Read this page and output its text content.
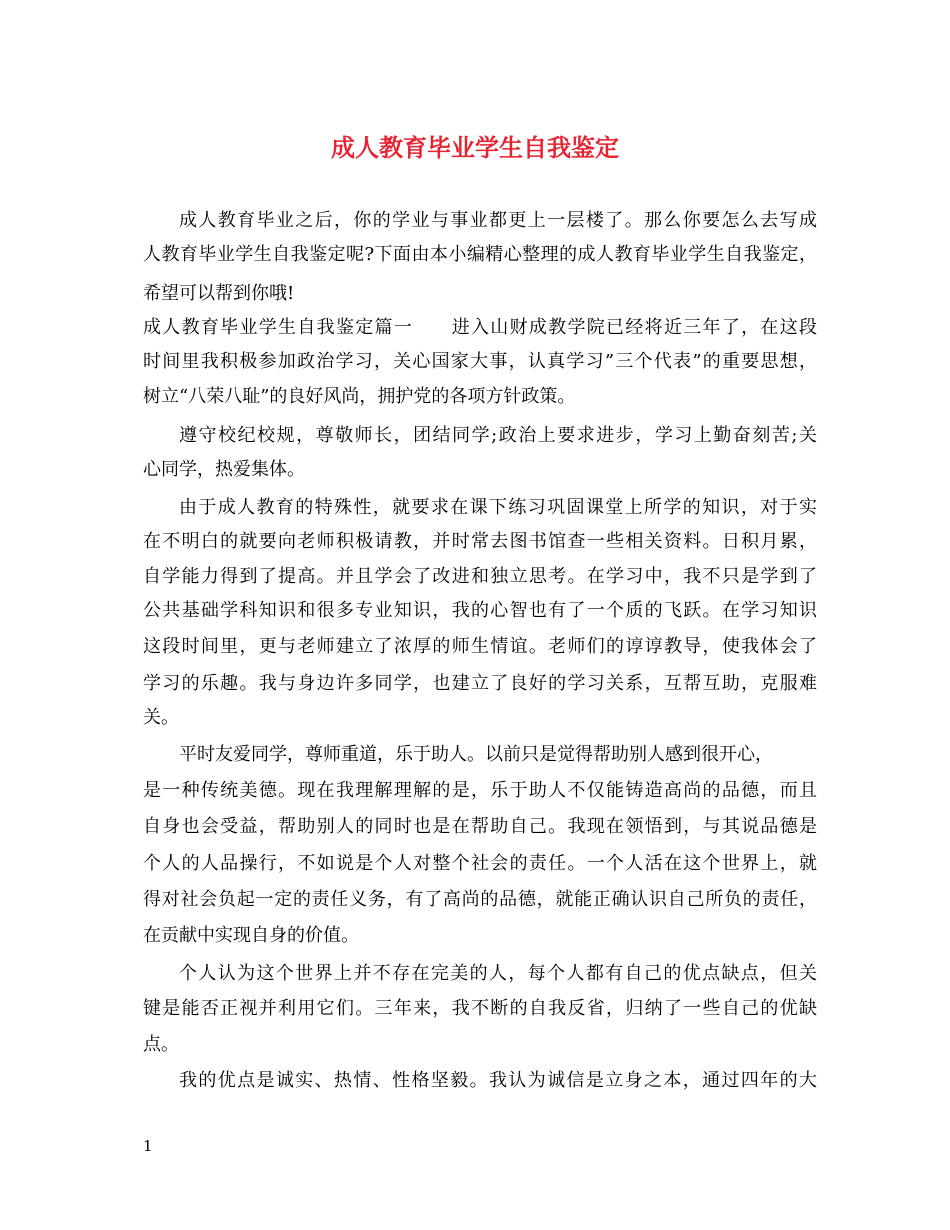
成人教育毕业学生自我鉴定

成人教育毕业之后，你的学业与事业都更上一层楼了。那么你要怎么去写成

人教育毕业学生自我鉴定呢?下面由本小编精心整理的成人教育毕业学生自我鉴定，

希望可以帮到你哦!

成人教育毕业学生自我鉴定篇一　　进入山财成教学院已经将近三年了，在这段

时间里我积极参加政治学习，关心国家大事，认真学习”三个代表”的重要思想，

树立“八荣八耻”的良好风尚，拥护党的各项方针政策。

遵守校纪校规，尊敬师长，团结同学;政治上要求进步，学习上勤奋刻苦;关

心同学，热爱集体。

由于成人教育的特殊性，就要求在课下练习巩固课堂上所学的知识，对于实

在不明白的就要向老师积极请教，并时常去图书馆查一些相关资料。日积月累，

自学能力得到了提高。并且学会了改进和独立思考。在学习中，我不只是学到了

公共基础学科知识和很多专业知识，我的心智也有了一个质的飞跃。在学习知识

这段时间里，更与老师建立了浓厚的师生情谊。老师们的谆谆教导，使我体会了

学习的乐趣。我与身边许多同学，也建立了良好的学习关系，互帮互助，克服难

关。

平时友爱同学，尊师重道，乐于助人。以前只是觉得帮助别人感到很开心，

是一种传统美德。现在我理解理解的是，乐于助人不仅能铸造高尚的品德，而且

自身也会受益，帮助别人的同时也是在帮助自己。我现在领悟到，与其说品德是

个人的人品操行，不如说是个人对整个社会的责任。一个人活在这个世界上，就

得对社会负起一定的责任义务，有了高尚的品德，就能正确认识自己所负的责任，

在贡献中实现自身的价值。

个人认为这个世界上并不存在完美的人，每个人都有自己的优点缺点，但关

键是能否正视并利用它们。三年来，我不断的自我反省，归纳了一些自己的优缺

点。

我的优点是诚实、热情、性格坚毅。我认为诚信是立身之本，通过四年的大

1
